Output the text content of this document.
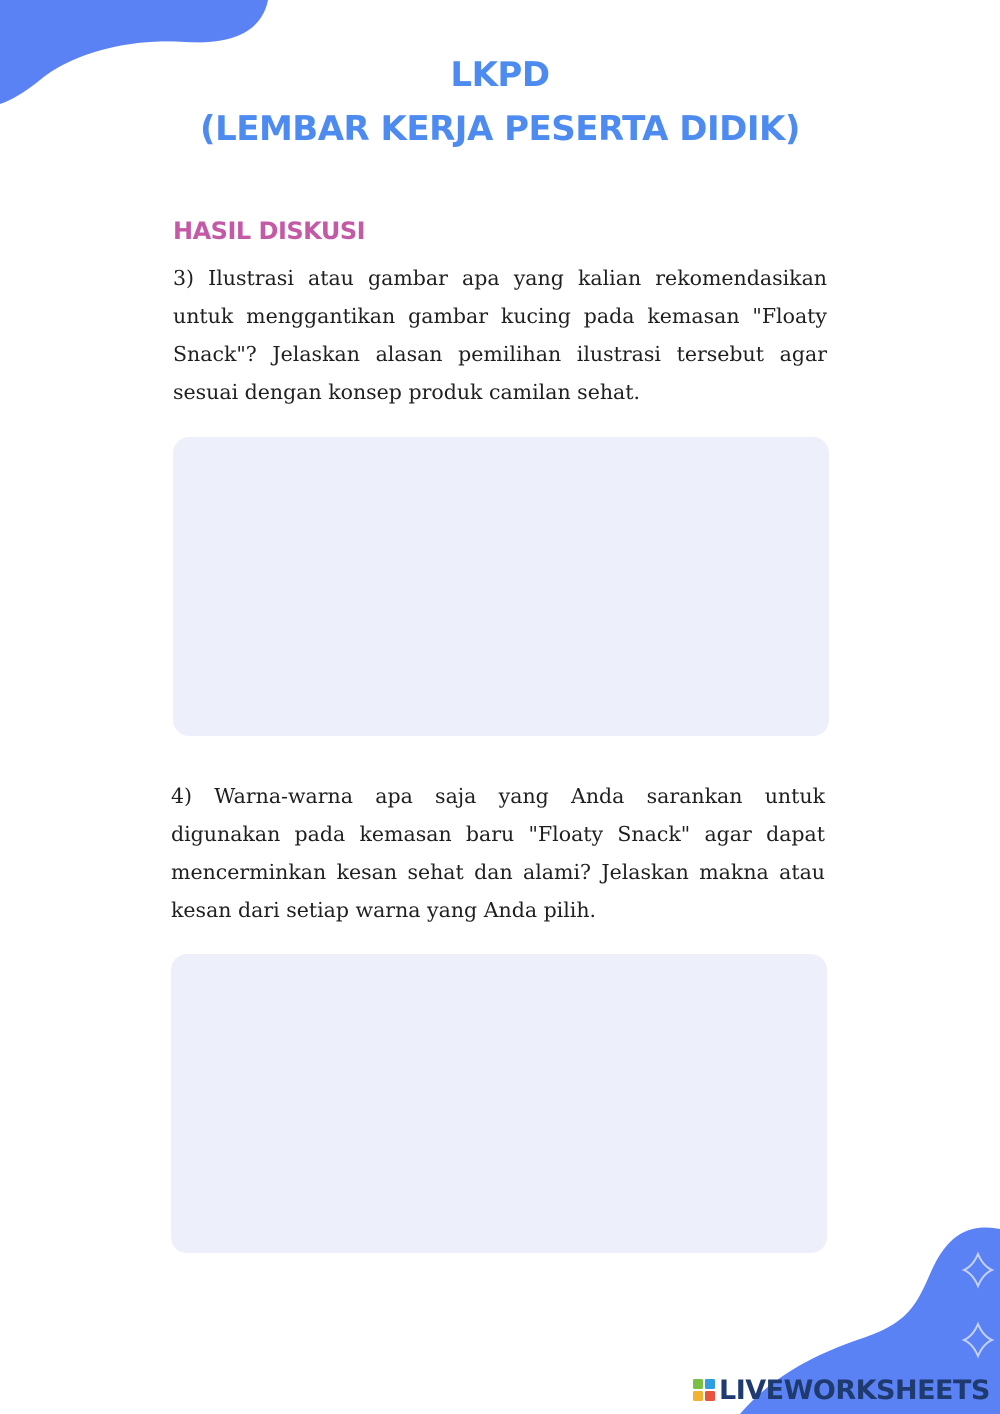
LKPD
(LEMBAR KERJA PESERTA DIDIK)
HASIL DISKUSI
3) Ilustrasi atau gambar apa yang kalian rekomendasikan untuk menggantikan gambar kucing pada kemasan "Floaty Snack"? Jelaskan alasan pemilihan ilustrasi tersebut agar sesuai dengan konsep produk camilan sehat.
4) Warna-warna apa saja yang Anda sarankan untuk digunakan pada kemasan baru "Floaty Snack" agar dapat mencerminkan kesan sehat dan alami? Jelaskan makna atau kesan dari setiap warna yang Anda pilih.
LIVEWORKSHEETS
